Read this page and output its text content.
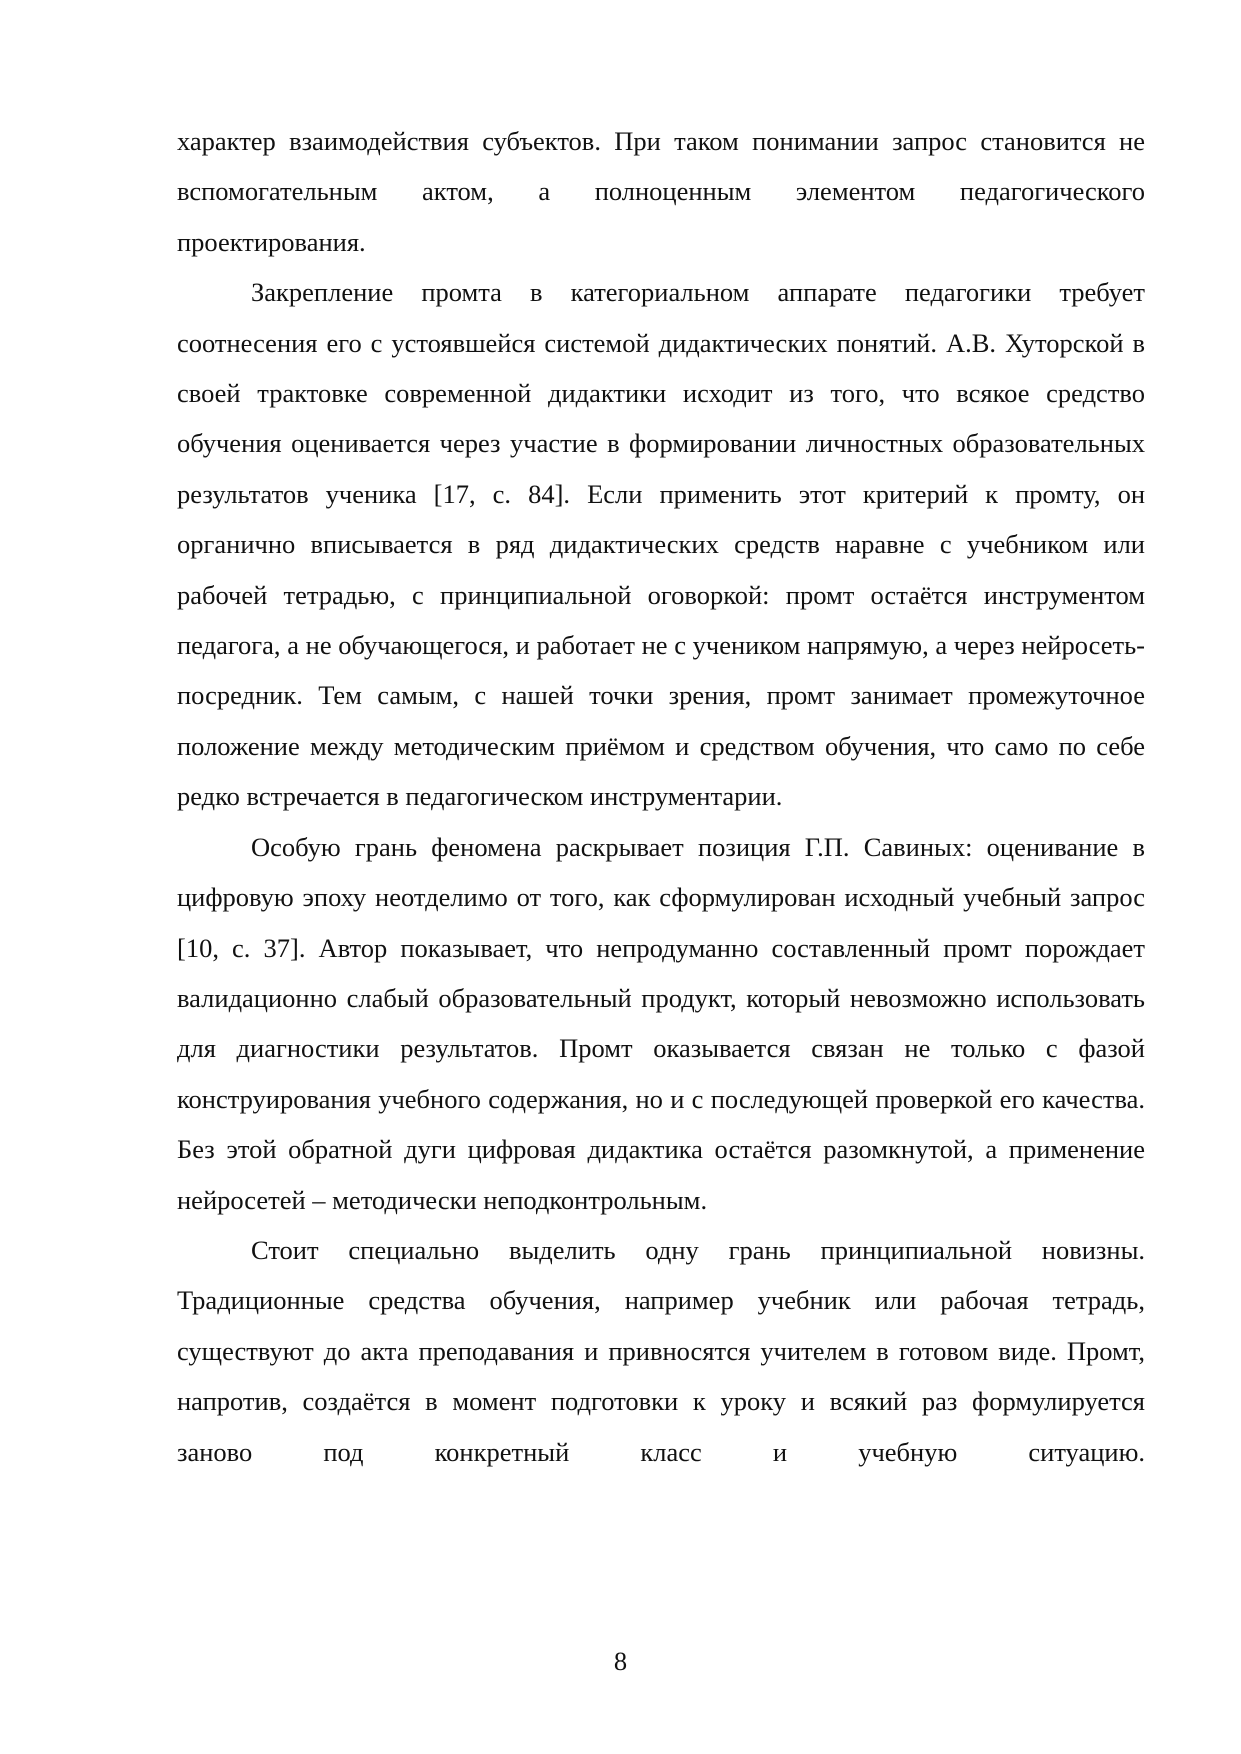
характер взаимодействия субъектов. При таком понимании запрос становится не вспомогательным актом, а полноценным элементом педагогического проектирования.

Закрепление промта в категориальном аппарате педагогики требует соотнесения его с устоявшейся системой дидактических понятий. А.В. Хуторской в своей трактовке современной дидактики исходит из того, что всякое средство обучения оценивается через участие в формировании личностных образовательных результатов ученика [17, с. 84]. Если применить этот критерий к промту, он органично вписывается в ряд дидактических средств наравне с учебником или рабочей тетрадью, с принципиальной оговоркой: промт остаётся инструментом педагога, а не обучающегося, и работает не с учеником напрямую, а через нейросеть-посредник. Тем самым, с нашей точки зрения, промт занимает промежуточное положение между методическим приёмом и средством обучения, что само по себе редко встречается в педагогическом инструментарии.

Особую грань феномена раскрывает позиция Г.П. Савиных: оценивание в цифровую эпоху неотделимо от того, как сформулирован исходный учебный запрос [10, с. 37]. Автор показывает, что непродуманно составленный промт порождает валидационно слабый образовательный продукт, который невозможно использовать для диагностики результатов. Промт оказывается связан не только с фазой конструирования учебного содержания, но и с последующей проверкой его качества. Без этой обратной дуги цифровая дидактика остаётся разомкнутой, а применение нейросетей – методически неподконтрольным.

Стоит специально выделить одну грань принципиальной новизны. Традиционные средства обучения, например учебник или рабочая тетрадь, существуют до акта преподавания и привносятся учителем в готовом виде. Промт, напротив, создаётся в момент подготовки к уроку и всякий раз формулируется заново под конкретный класс и учебную ситуацию.

8
